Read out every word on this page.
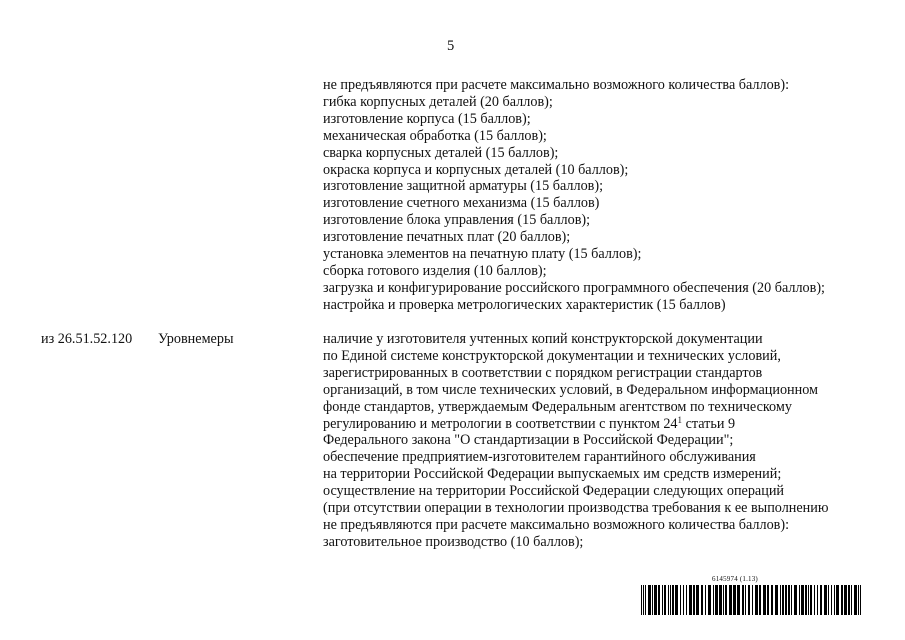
5
не предъявляются при расчете максимально возможного количества баллов):
гибка корпусных деталей (20 баллов);
изготовление корпуса (15 баллов);
механическая обработка (15 баллов);
сварка корпусных деталей (15 баллов);
окраска корпуса и корпусных деталей (10 баллов);
изготовление защитной арматуры (15 баллов);
изготовление счетного механизма (15 баллов)
изготовление блока управления (15 баллов);
изготовление печатных плат (20 баллов);
установка элементов на печатную плату (15 баллов);
сборка готового изделия (10 баллов);
загрузка и конфигурирование российского программного обеспечения (20 баллов);
настройка и проверка метрологических характеристик (15 баллов)
из 26.51.52.120 Уровнемеры	наличие у изготовителя учтенных копий конструкторской документации
по Единой системе конструкторской документации и технических условий,
зарегистрированных в соответствии с порядком регистрации стандартов
организаций, в том числе технических условий, в Федеральном информационном
фонде стандартов, утверждаемым Федеральным агентством по техническому
регулированию и метрологии в соответствии с пунктом $24^1$ статьи 9
Федерального закона "О стандартизации в Российской Федерации";
обеспечение предприятием-изготовителем гарантийного обслуживания
на территории Российской Федерации выпускаемых им средств измерений;
осуществление на территории Российской Федерации следующих операций
(при отсутствии операции в технологии производства требования к ее выполнению
не предъявляются при расчете максимально возможного количества баллов):
заготовительное производство (10 баллов);
6145974 (1.13)
